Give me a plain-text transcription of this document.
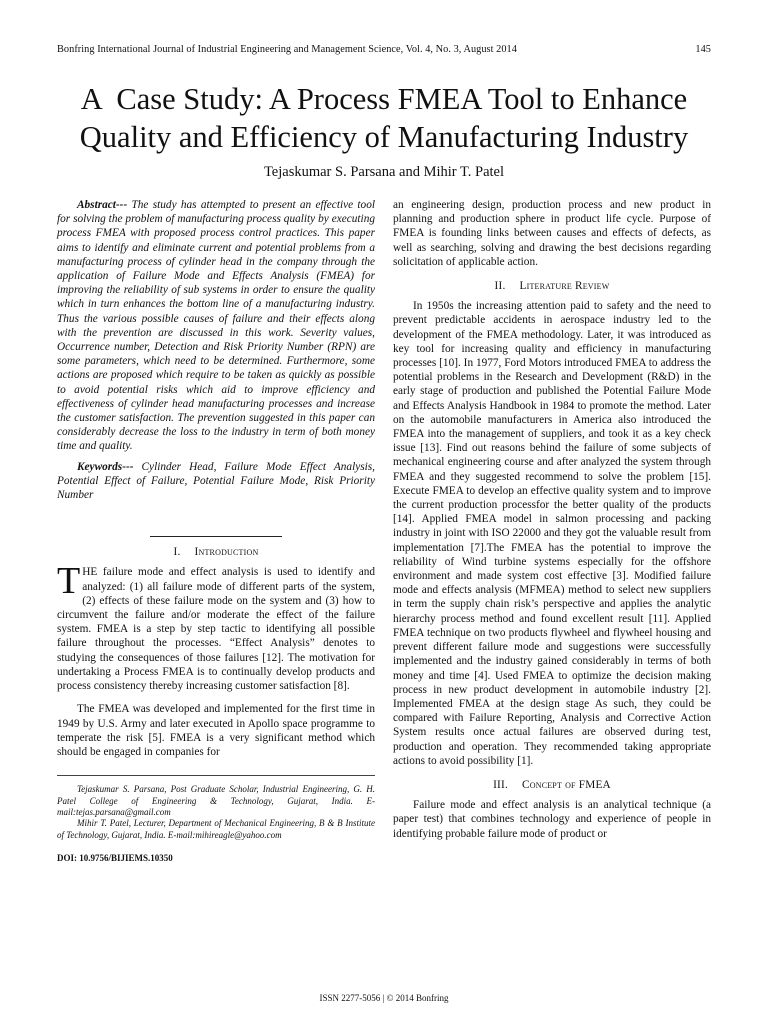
Bonfring International Journal of Industrial Engineering and Management Science, Vol. 4, No. 3, August 2014	145
A  Case Study: A Process FMEA Tool to Enhance
Quality and Efficiency of Manufacturing Industry
Tejaskumar S. Parsana and Mihir T. Patel

Abstract--- The study has attempted to present an effective tool for solving the problem of manufacturing process quality by executing process FMEA with proposed process control practices. This paper aims to identify and eliminate current and potential problems from a manufacturing process of cylinder head in the company through the application of Failure Mode and Effects Analysis (FMEA) for improving the reliability of sub systems in order to ensure the quality which in turn enhances the bottom line of a manufacturing industry. Thus the various possible causes of failure and their effects along with the prevention are discussed in this work. Severity values, Occurrence number, Detection and Risk Priority Number (RPN) are some parameters, which need to be determined. Furthermore, some actions are proposed which require to be taken as quickly as possible to avoid potential risks which aid to improve efficiency and effectiveness of cylinder head manufacturing processes and increase the customer satisfaction. The prevention suggested in this paper can considerably decrease the loss to the industry in term of both money time and quality.

Keywords--- Cylinder Head, Failure Mode Effect Analysis, Potential Effect of Failure, Potential Failure Mode, Risk Priority Number

I. Introduction

THE failure mode and effect analysis is used to identify and analyzed: (1) all failure mode of different parts of the system, (2) effects of these failure mode on the system and (3) how to circumvent the failure and/or moderate the effect of the failure system. FMEA is a step by step tactic to identifying all possible failure throughout the processes. “Effect Analysis” denotes to studying the consequences of those failures [12]. The motivation for undertaking a Process FMEA is to continually develop products and process consistency thereby increasing customer satisfaction [8].

The FMEA was developed and implemented for the first time in 1949 by U.S. Army and later executed in Apollo space programme to temperate the risk [5]. FMEA is a very significant method which should be engaged in companies for

Tejaskumar S. Parsana, Post Graduate Scholar, Industrial Engineering, G. H. Patel College of Engineering & Technology, Gujarat, India. E-mail:tejas.parsana@gmail.com

Mihir T. Patel, Lecturer, Department of Mechanical Engineering, B & B Institute of Technology, Gujarat, India. E-mail:mihireagle@yahoo.com

DOI: 10.9756/BIJIEMS.10350

an engineering design, production process and new product in planning and production sphere in product life cycle. Purpose of FMEA is founding links between causes and effects of defects, as well as searching, solving and drawing the best decisions regarding solicitation of applicable action.

II. Literature Review

In 1950s the increasing attention paid to safety and the need to prevent predictable accidents in aerospace industry led to the development of the FMEA methodology. Later, it was introduced as key tool for increasing quality and efficiency in manufacturing processes [10]. In 1977, Ford Motors introduced FMEA to address the potential problems in the Research and Development (R&D) in the early stage of production and published the Potential Failure Mode and Effects Analysis Handbook in 1984 to promote the method. Later on the automobile manufacturers in America also introduced the FMEA into the management of suppliers, and took it as a key check issue [13]. Find out reasons behind the failure of some subjects of mechanical engineering course and after analyzed the system through FMEA and they suggested recommend to solve the problem [15]. Execute FMEA to develop an effective quality system and to improve the current production processfor the better quality of the products [14]. Applied FMEA model in salmon processing and packing industry in joint with ISO 22000 and they got the valuable result from implementation [7].The FMEA has the potential to improve the reliability of Wind turbine systems especially for the offshore environment and made system cost effective [3]. Modified failure mode and effects analysis (MFMEA) method to select new suppliers in term the supply chain risk’s perspective and applies the analytic hierarchy process method and found excellent result [11]. Applied FMEA technique on two products flywheel and flywheel housing and prevent different failure mode and suggestions were successfully implemented and the industry gained considerably in terms of both money and time [4]. Used FMEA to optimize the decision making process in new product development in automobile industry [2]. Implemented FMEA at the design stage As such, they could be compared with Failure Reporting, Analysis and Corrective Action System results once actual failures are observed during test, production and operation. They recommended taking appropriate actions to avoid possibility [1].

III. Concept of FMEA

Failure mode and effect analysis is an analytical technique (a paper test) that combines technology and experience of people in identifying probable failure mode of product or

ISSN 2277-5056 | © 2014 Bonfring
